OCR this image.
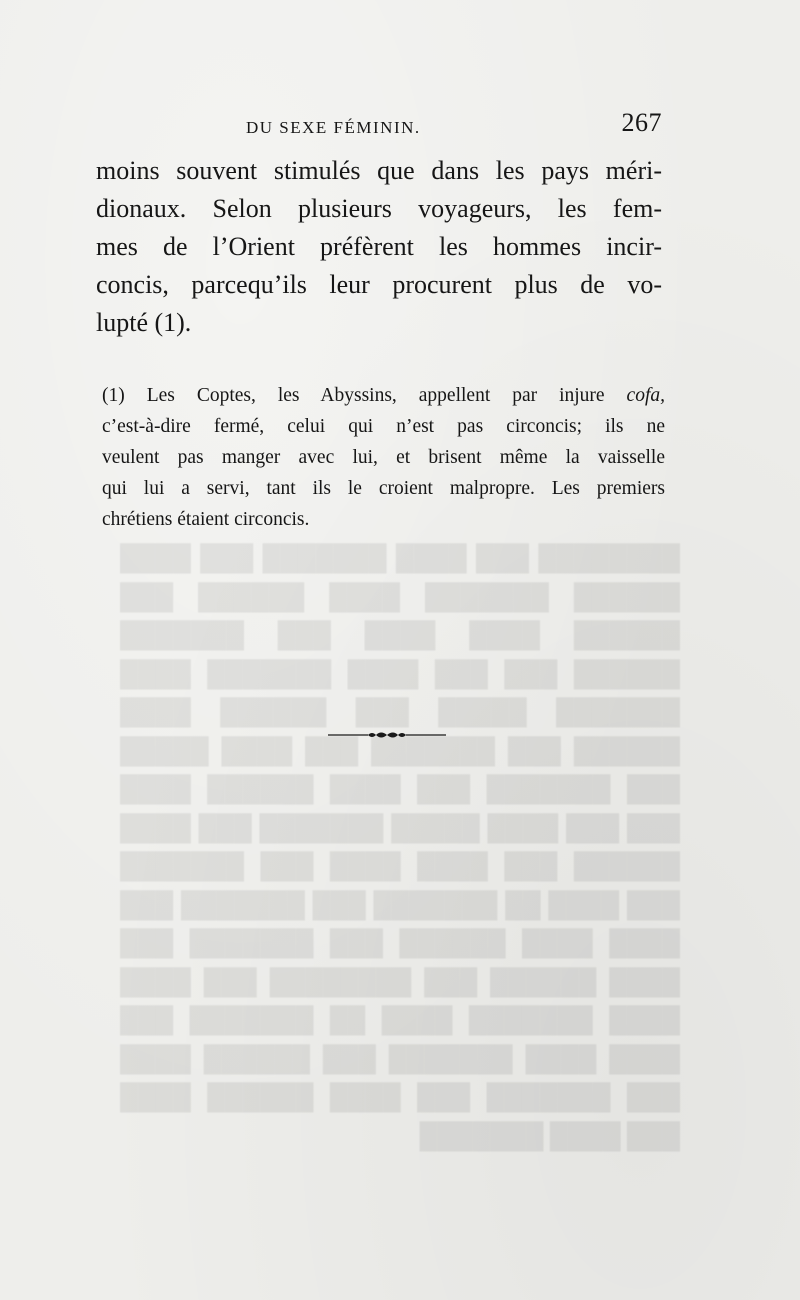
████████ ███ ████ ███████ ███ ████ ██████ ███████ ████ ██████ ███ ██████ ████ ████ ███ ███████ ██████ ███ ███ ████ ███████ ████ ███████ █████ ███ ██████ ████ ██████ ███ ███████ ███ ████ █████ ███ ███████ ███ ████ ██████ ████ ███ ███ ████ █████ ███████ ███ ████ ██████ ███ ████ ████ ███ ███████ ███ ████ ██ ███████ ███ ███████ ███ ████ ████ ██████ ███ ███████ ███ ████ ██████ ███ ████████ ███ ████ ████ ███████ ████ ██ ███████ ███ ████ ████ ███████ ███ ██████ ████ ███ ███████ ███ ████ ██████ ████ ███ ████ ███████
DU SEXE FÉMININ.	267
moins souvent stimulés que dans les pays méri-
dionaux. Selon plusieurs voyageurs, les fem-
mes de l’Orient préfèrent les hommes incir-
concis, parcequ’ils leur procurent plus de vo-
lupté (1).
(1) Les Coptes, les Abyssins, appellent par injure cofa,
c’est-à-dire fermé, celui qui n’est pas circoncis; ils ne
veulent pas manger avec lui, et brisent même la vaisselle
qui lui a servi, tant ils le croient malpropre. Les premiers
chrétiens étaient circoncis.
